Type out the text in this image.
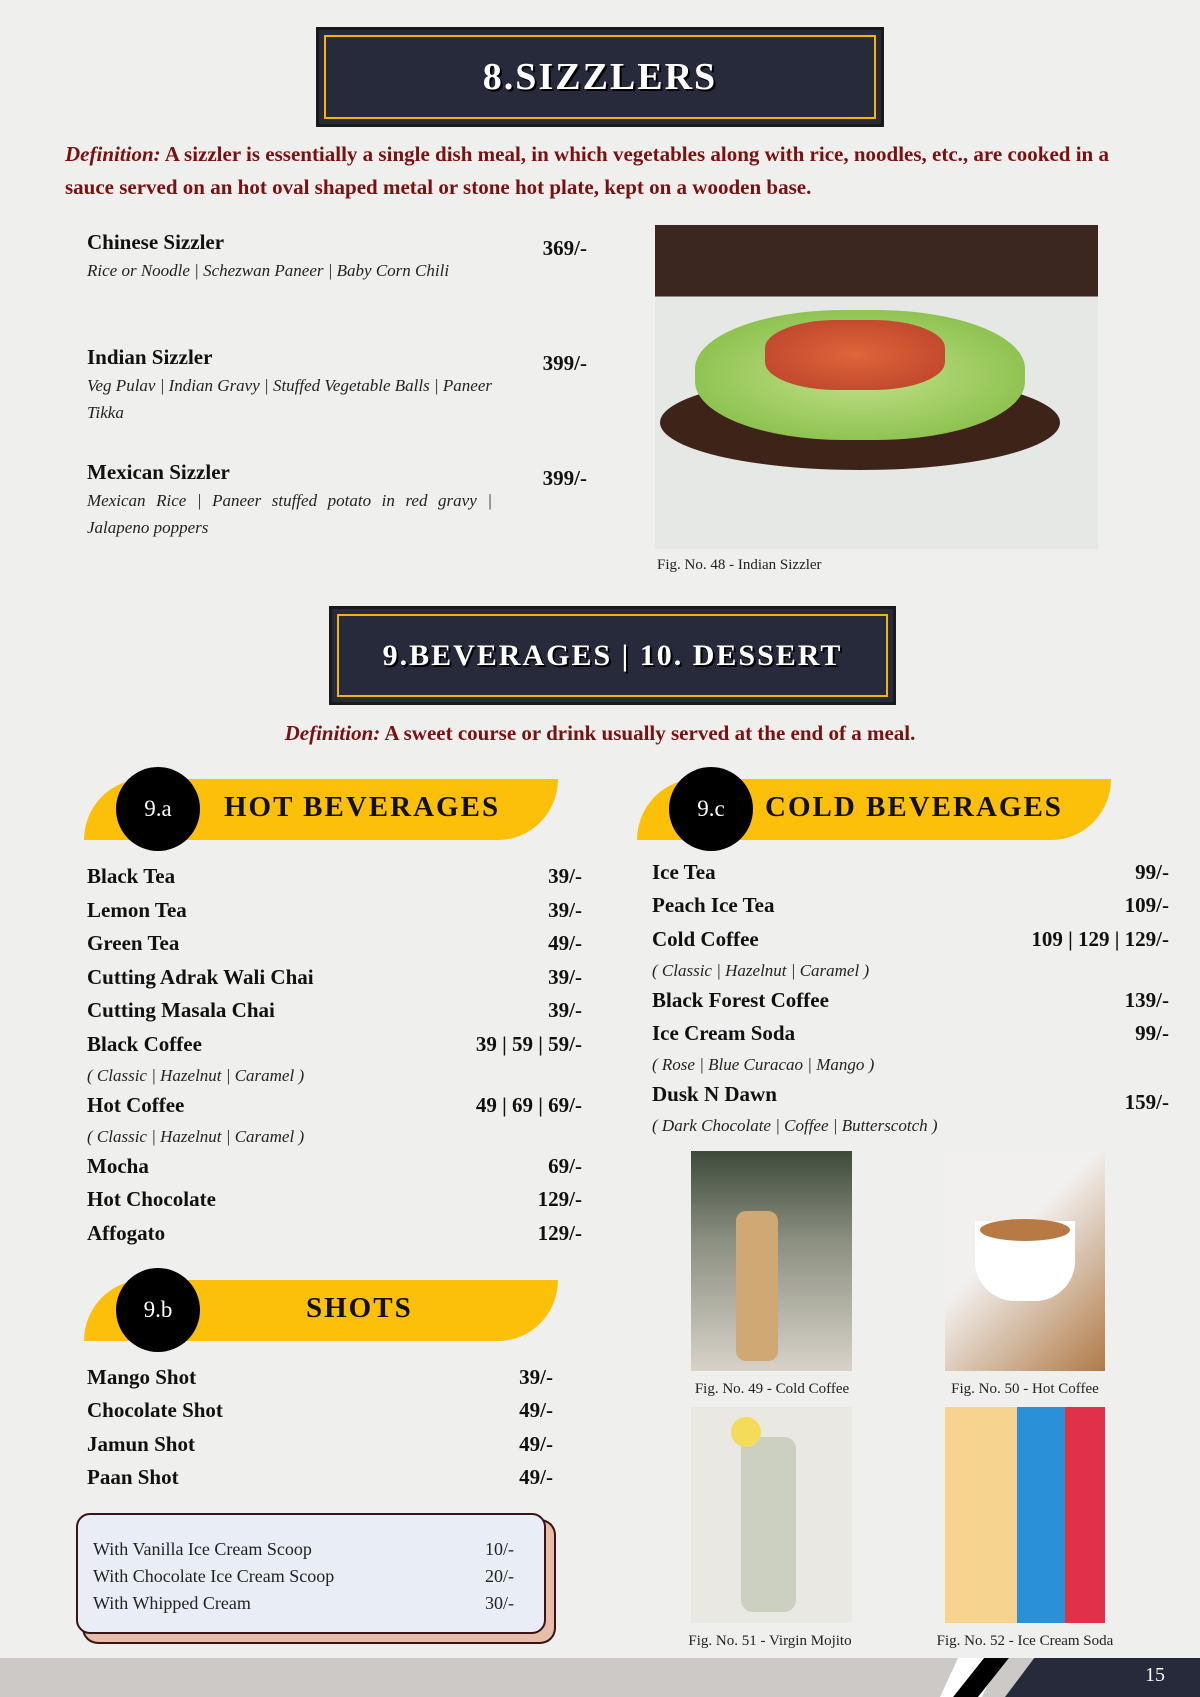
8.SIZZLERS
Definition: A sizzler is essentially a single dish meal, in which vegetables along with rice, noodles, etc., are cooked in a sauce served on an hot oval shaped metal or stone hot plate, kept on a wooden base.
Chinese Sizzler	369/-
Rice or Noodle | Schezwan Paneer | Baby Corn Chili
Indian Sizzler	399/-
Veg Pulav | Indian Gravy | Stuffed Vegetable Balls | Paneer Tikka
Mexican Sizzler	399/-
Mexican Rice | Paneer stuffed potato in red gravy | Jalapeno poppers
Fig. No. 48 - Indian Sizzler
9.BEVERAGES | 10. DESSERT
Definition: A sweet course or drink usually served at the end of a meal.
9.a	HOT BEVERAGES	9.c	COLD BEVERAGES
Black Tea	39/-
Lemon Tea	39/-
Green Tea	49/-
Cutting Adrak Wali Chai	39/-
Cutting Masala Chai	39/-
Black Coffee	39 | 59 | 59/-
( Classic | Hazelnut | Caramel )
Hot Coffee	49 | 69 | 69/-
( Classic | Hazelnut | Caramel )
Mocha	69/-
Hot Chocolate	129/-
Affogato	129/-
9.b	SHOTS
Mango Shot	39/-
Chocolate Shot	49/-
Jamun Shot	49/-
Paan Shot	49/-
With Vanilla Ice Cream Scoop	10/-
With Chocolate Ice Cream Scoop	20/-
With Whipped Cream	30/-
Ice Tea	99/-
Peach Ice Tea	109/-
Cold Coffee	109 | 129 | 129/-
( Classic | Hazelnut | Caramel )
Black Forest Coffee	139/-
Ice Cream Soda	99/-
( Rose | Blue Curacao | Mango )
Dusk N Dawn	159/-
( Dark Chocolate | Coffee | Butterscotch )
Fig. No. 49 - Cold Coffee	Fig. No. 50 - Hot Coffee
Fig. No. 51 - Virgin Mojito	Fig. No. 52 - Ice Cream Soda
15
